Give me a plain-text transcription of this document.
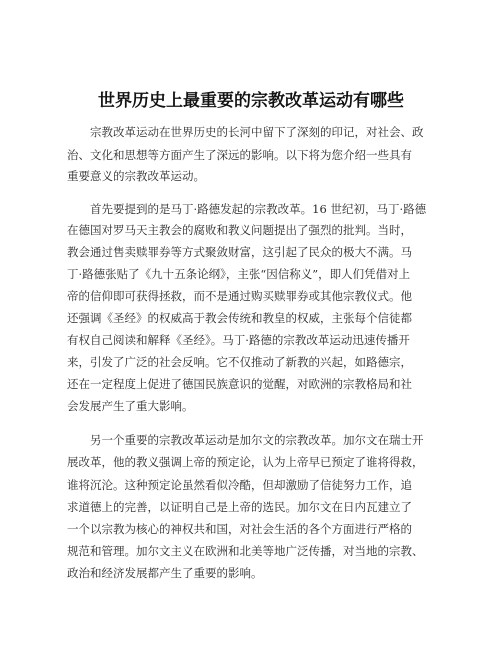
世界历史上最重要的宗教改革运动有哪些
宗教改革运动在世界历史的长河中留下了深刻的印记，对社会、政
治、文化和思想等方面产生了深远的影响。以下将为您介绍一些具有
重要意义的宗教改革运动。
首先要提到的是马丁·路德发起的宗教改革。16 世纪初，马丁·路德
在德国对罗马天主教会的腐败和教义问题提出了强烈的批判。当时，
教会通过售卖赎罪券等方式聚敛财富，这引起了民众的极大不满。马
丁·路德张贴了《九十五条论纲》，主张“因信称义”，即人们凭借对上
帝的信仰即可获得拯救，而不是通过购买赎罪券或其他宗教仪式。他
还强调《圣经》的权威高于教会传统和教皇的权威，主张每个信徒都
有权自己阅读和解释《圣经》。马丁·路德的宗教改革运动迅速传播开
来，引发了广泛的社会反响。它不仅推动了新教的兴起，如路德宗，
还在一定程度上促进了德国民族意识的觉醒，对欧洲的宗教格局和社
会发展产生了重大影响。
另一个重要的宗教改革运动是加尔文的宗教改革。加尔文在瑞士开
展改革，他的教义强调上帝的预定论，认为上帝早已预定了谁将得救，
谁将沉沦。这种预定论虽然看似冷酷，但却激励了信徒努力工作，追
求道德上的完善，以证明自己是上帝的选民。加尔文在日内瓦建立了
一个以宗教为核心的神权共和国，对社会生活的各个方面进行严格的
规范和管理。加尔文主义在欧洲和北美等地广泛传播，对当地的宗教、
政治和经济发展都产生了重要的影响。
